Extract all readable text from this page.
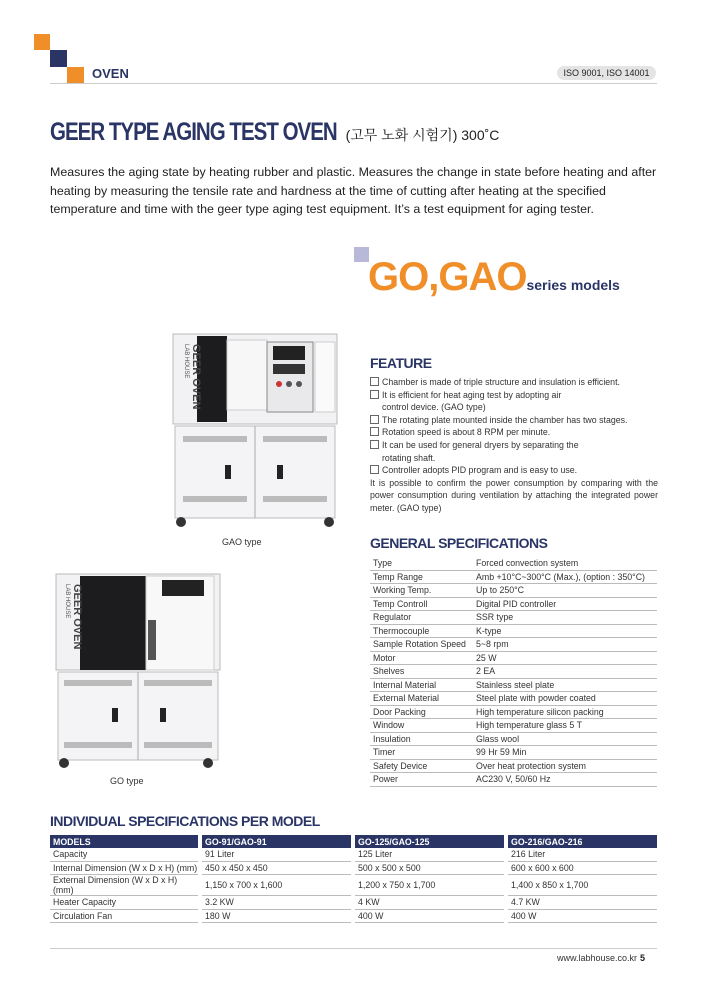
OVEN	ISO 9001, ISO 14001
GEER TYPE AGING TEST OVEN (고무 노화 시험기) 300˚C
Measures the aging state by heating rubber and plastic. Measures the change in state before heating and after heating by measuring the tensile rate and hardness at the time of cutting after heating at the specified temperature and time with the geer type aging test equipment. It’s a test equipment for aging tester.
GO,GAOseries models
LAB HOUSE GEER OVEN
GAO type
LAB HOUSE GEER OVEN
GO type
FEATURE

Chamber is made of triple structure and insulation is efficient.

It is efficient for heat aging test by adopting air

control device. (GAO type)

The rotating plate mounted inside the chamber has two stages.

Rotation speed is about 8 RPM per minute.

It can be used for general dryers by separating the

rotating shaft.

Controller adopts PID program and is easy to use.

It is possible to confirm the power consumption by comparing with the power consumption during ventilation by attaching the integrated power meter. (GAO type)

GENERAL SPECIFICATIONS
Type	Forced convection system
Temp Range	Amb +10°C~300°C (Max.), (option : 350°C)
Working Temp.	Up to 250°C
Temp Controll	Digital PID controller
Regulator	SSR type
Thermocouple	K-type
Sample Rotation Speed	5~8 rpm
Motor	25 W
Shelves	2 EA
Internal Material	Stainless steel plate
External Material	Steel plate with powder coated
Door Packing	High temperature silicon packing
Window	High temperature glass 5 T
Insulation	Glass wool
Timer	99 Hr 59 Min
Safety Device	Over heat protection system
Power	AC230 V, 50/60 Hz
INDIVIDUAL SPECIFICATIONS PER MODEL
MODELS		GO-91/GAO-91		GO-125/GAO-125		GO-216/GAO-216
Capacity		91 Liter		125 Liter		216 Liter
Internal Dimension (W x D x H) (mm)		450 x 450 x 450		500 x 500 x 500		600 x 600 x 600
External Dimension (W x D x H) (mm)		1,150 x 700 x 1,600		1,200 x 750 x 1,700		1,400 x 850 x 1,700
Heater Capacity		3.2 KW		4 KW		4.7 KW
Circulation Fan		180 W		400 W		400 W
www.labhouse.co.kr 5
